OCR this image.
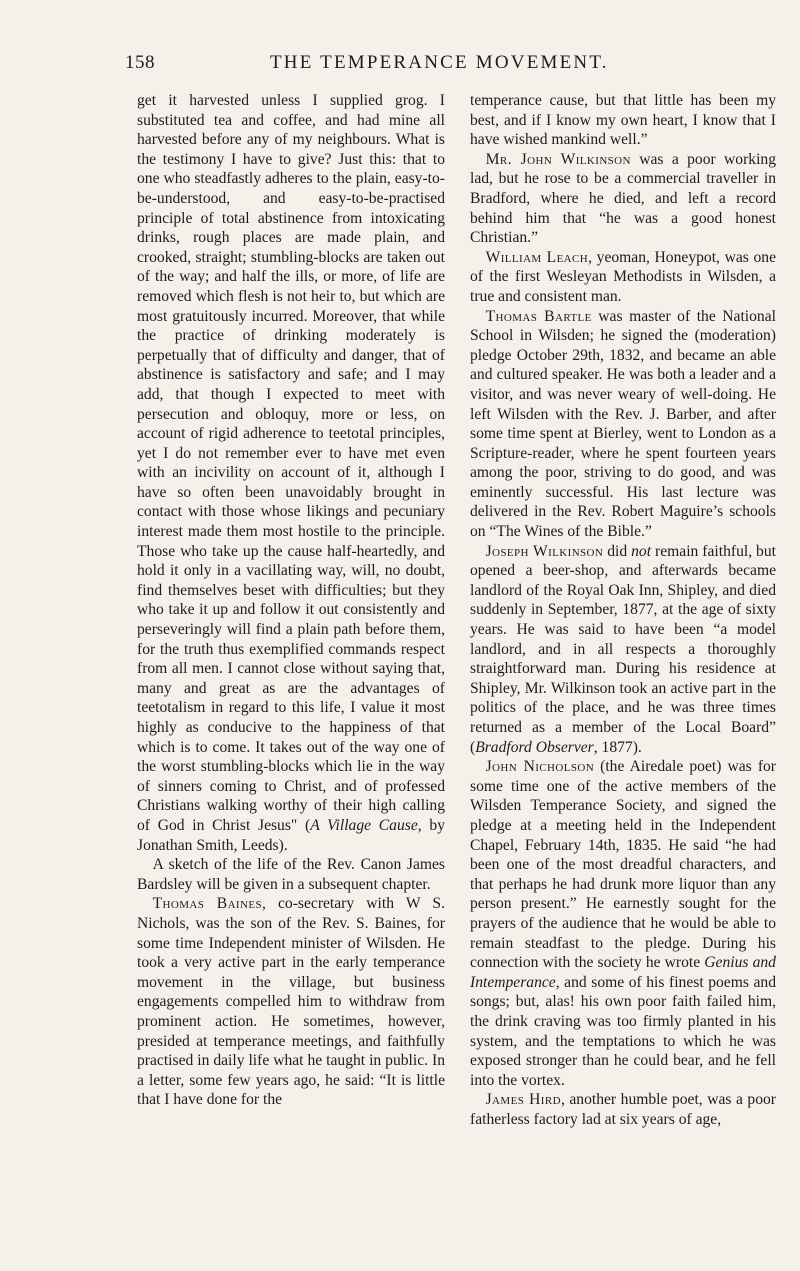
158	THE TEMPERANCE MOVEMENT.

get it harvested unless I supplied grog. I substituted tea and coffee, and had mine all harvested before any of my neighbours. What is the testimony I have to give? Just this: that to one who steadfastly adheres to the plain, easy-to-be-understood, and easy-to-be-practised principle of total abstinence from intoxicating drinks, rough places are made plain, and crooked, straight; stumbling-blocks are taken out of the way; and half the ills, or more, of life are removed which flesh is not heir to, but which are most gratuitously incurred. Moreover, that while the practice of drinking moderately is perpetually that of difficulty and danger, that of abstinence is satisfactory and safe; and I may add, that though I expected to meet with persecution and obloquy, more or less, on account of rigid adherence to teetotal principles, yet I do not remember ever to have met even with an incivility on account of it, although I have so often been unavoidably brought in contact with those whose likings and pecuniary interest made them most hostile to the principle. Those who take up the cause half-heartedly, and hold it only in a vacillating way, will, no doubt, find themselves beset with difficulties; but they who take it up and follow it out consistently and perseveringly will find a plain path before them, for the truth thus exemplified commands respect from all men. I cannot close without saying that, many and great as are the advantages of teetotalism in regard to this life, I value it most highly as conducive to the happiness of that which is to come. It takes out of the way one of the worst stumbling-blocks which lie in the way of sinners coming to Christ, and of professed Christians walking worthy of their high calling of God in Christ Jesus" (A Village Cause, by Jonathan Smith, Leeds).

A sketch of the life of the Rev. Canon James Bardsley will be given in a subsequent chapter.

Thomas Baines, co-secretary with W S. Nichols, was the son of the Rev. S. Baines, for some time Independent minister of Wilsden. He took a very active part in the early temperance movement in the village, but business engagements compelled him to withdraw from prominent action. He sometimes, however, presided at temperance meetings, and faithfully practised in daily life what he taught in public. In a letter, some few years ago, he said: “It is little that I have done for the

temperance cause, but that little has been my best, and if I know my own heart, I know that I have wished mankind well.”

Mr. John Wilkinson was a poor working lad, but he rose to be a commercial traveller in Bradford, where he died, and left a record behind him that “he was a good honest Christian.”

William Leach, yeoman, Honeypot, was one of the first Wesleyan Methodists in Wilsden, a true and consistent man.

Thomas Bartle was master of the National School in Wilsden; he signed the (moderation) pledge October 29th, 1832, and became an able and cultured speaker. He was both a leader and a visitor, and was never weary of well-doing. He left Wilsden with the Rev. J. Barber, and after some time spent at Bierley, went to London as a Scripture-reader, where he spent fourteen years among the poor, striving to do good, and was eminently successful. His last lecture was delivered in the Rev. Robert Maguire’s schools on “The Wines of the Bible.”

Joseph Wilkinson did not remain faithful, but opened a beer-shop, and afterwards became landlord of the Royal Oak Inn, Shipley, and died suddenly in September, 1877, at the age of sixty years. He was said to have been “a model landlord, and in all respects a thoroughly straightforward man. During his residence at Shipley, Mr. Wilkinson took an active part in the politics of the place, and he was three times returned as a member of the Local Board” (Bradford Observer, 1877).

John Nicholson (the Airedale poet) was for some time one of the active members of the Wilsden Temperance Society, and signed the pledge at a meeting held in the Independent Chapel, February 14th, 1835. He said “he had been one of the most dreadful characters, and that perhaps he had drunk more liquor than any person present.” He earnestly sought for the prayers of the audience that he would be able to remain steadfast to the pledge. During his connection with the society he wrote Genius and Intemperance, and some of his finest poems and songs; but, alas! his own poor faith failed him, the drink craving was too firmly planted in his system, and the temptations to which he was exposed stronger than he could bear, and he fell into the vortex.

James Hird, another humble poet, was a poor fatherless factory lad at six years of age,
